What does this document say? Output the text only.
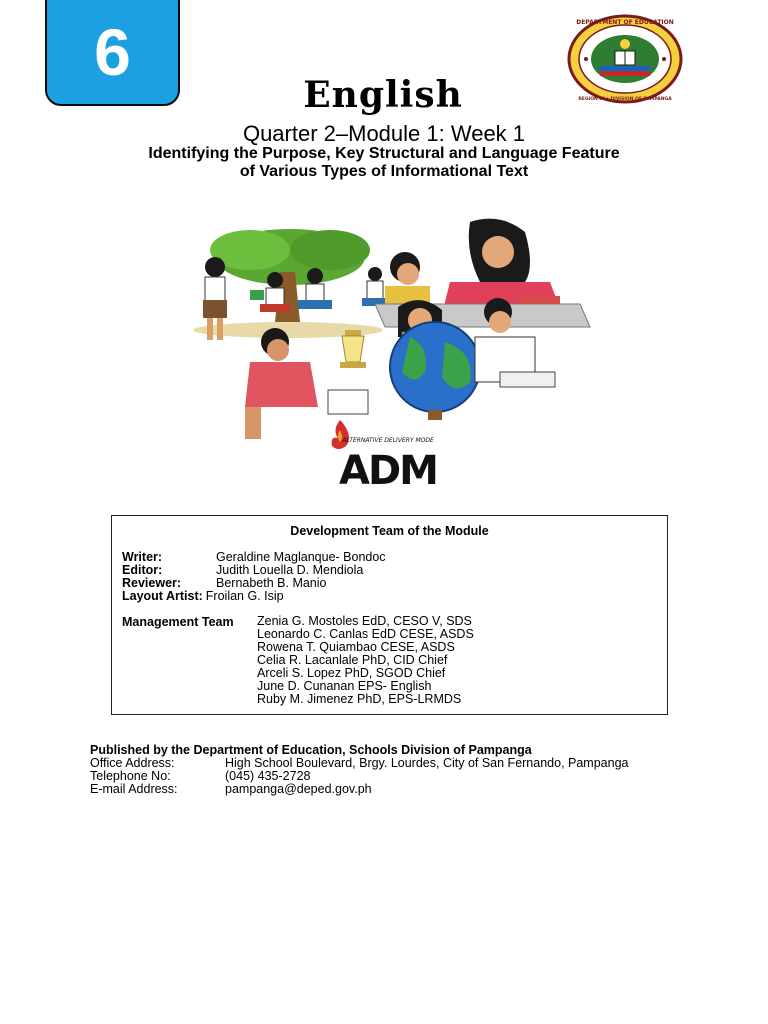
6	DEPARTMENT OF EDUCATION
REGION III • DIVISION OF PAMPANGA
English
Quarter 2–Module 1: Week 1
Identifying the Purpose, Key Structural and Language Feature
of Various Types of Informational Text
ALTERNATIVE DELIVERY MODE
ADM
Development Team of the Module
Writer:	Geraldine Maglanque- Bondoc
Editor:	Judith Louella D. Mendiola
Reviewer:	Bernabeth B. Manio
Layout Artist: Froilan G. Isip
Management Team Zenia G. Mostoles EdD, CESO V, SDS
Leonardo C. Canlas EdD CESE, ASDS
Rowena T. Quiambao CESE, ASDS
Celia R. Lacanlale PhD, CID Chief
Arceli S. Lopez PhD, SGOD Chief
June D. Cunanan EPS- English
Ruby M. Jimenez PhD, EPS-LRMDS
Published by the Department of Education, Schools Division of Pampanga
Office Address:	High School Boulevard, Brgy. Lourdes, City of San Fernando, Pampanga
Telephone No:	(045) 435-2728
E-mail Address:	pampanga@deped.gov.ph
